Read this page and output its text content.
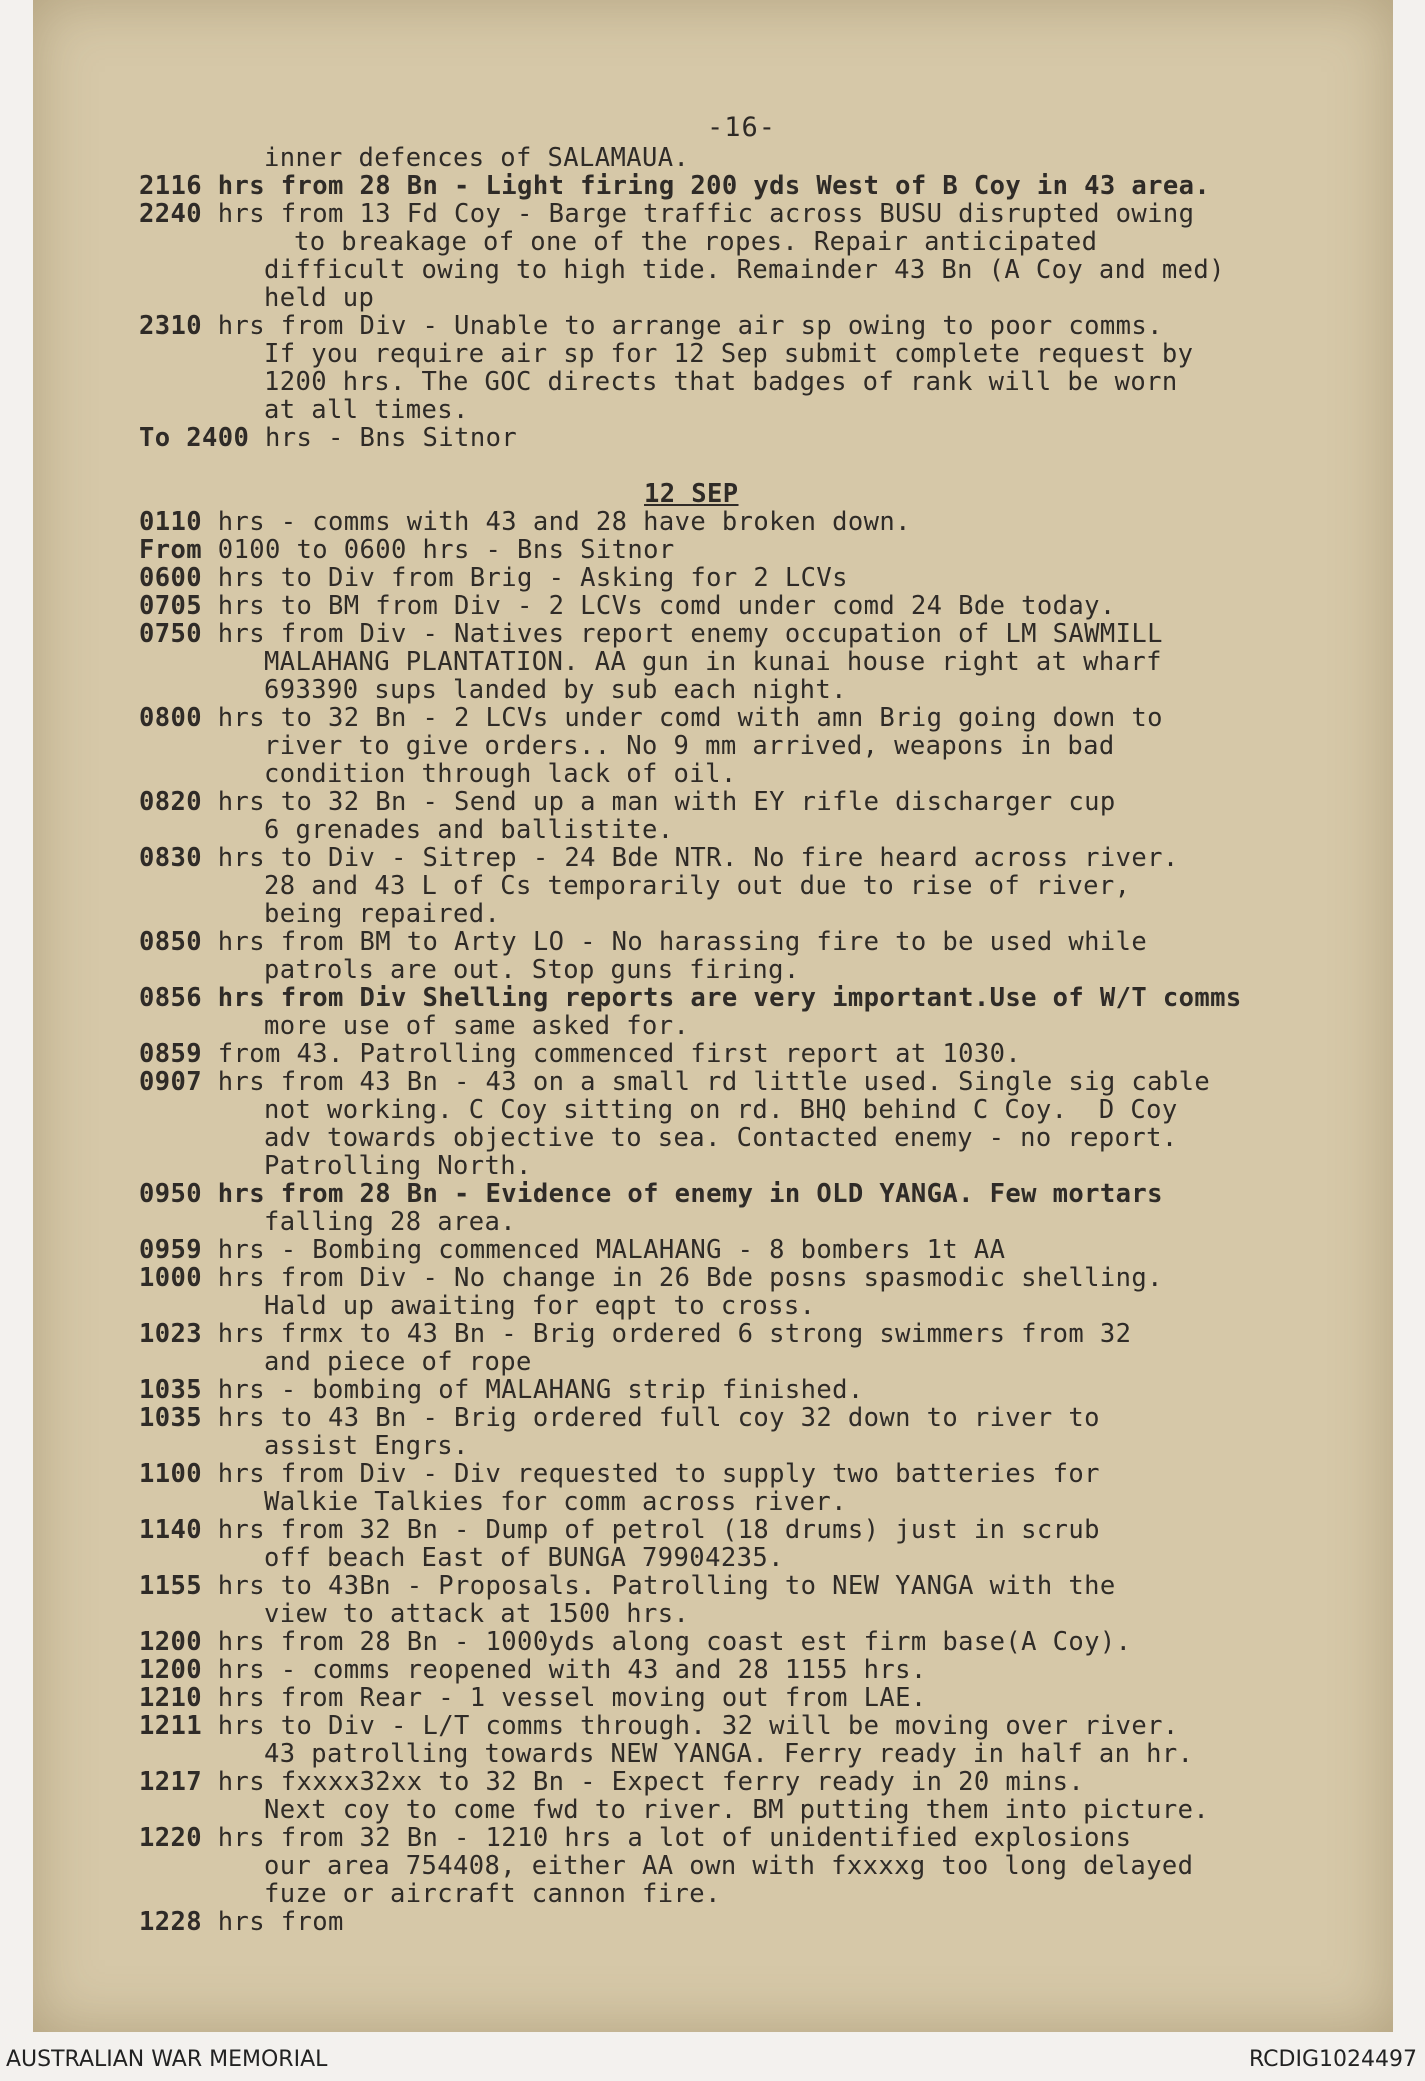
-16-
inner defences of SALAMAUA.
2116 hrs from 28 Bn - Light firing 200 yds West of B Coy in 43 area.
2240 hrs from 13 Fd Coy - Barge traffic across BUSU disrupted owing
to breakage of one of the ropes. Repair anticipated
difficult owing to high tide. Remainder 43 Bn (A Coy and med)
held up
2310 hrs from Div - Unable to arrange air sp owing to poor comms.
If you require air sp for 12 Sep submit complete request by
1200 hrs. The GOC directs that badges of rank will be worn
at all times.
To 2400 hrs - Bns Sitnor
12 SEP
0110 hrs - comms with 43 and 28 have broken down.
From 0100 to 0600 hrs - Bns Sitnor
0600 hrs to Div from Brig - Asking for 2 LCVs
0705 hrs to BM from Div - 2 LCVs comd under comd 24 Bde today.
0750 hrs from Div - Natives report enemy occupation of LM SAWMILL
MALAHANG PLANTATION. AA gun in kunai house right at wharf
693390 sups landed by sub each night.
0800 hrs to 32 Bn - 2 LCVs under comd with amn Brig going down to
river to give orders.. No 9 mm arrived, weapons in bad
condition through lack of oil.
0820 hrs to 32 Bn - Send up a man with EY rifle discharger cup
6 grenades and ballistite.
0830 hrs to Div - Sitrep - 24 Bde NTR. No fire heard across river.
28 and 43 L of Cs temporarily out due to rise of river,
being repaired.
0850 hrs from BM to Arty LO - No harassing fire to be used while
patrols are out. Stop guns firing.
0856 hrs from Div Shelling reports are very important.Use of W/T comms
more use of same asked for.
0859 from 43. Patrolling commenced first report at 1030.
0907 hrs from 43 Bn - 43 on a small rd little used. Single sig cable
not working. C Coy sitting on rd. BHQ behind C Coy.  D Coy
adv towards objective to sea. Contacted enemy - no report.
Patrolling North.
0950 hrs from 28 Bn - Evidence of enemy in OLD YANGA. Few mortars
falling 28 area.
0959 hrs - Bombing commenced MALAHANG - 8 bombers 1t AA
1000 hrs from Div - No change in 26 Bde posns spasmodic shelling.
Hald up awaiting for eqpt to cross.
1023 hrs frmx to 43 Bn - Brig ordered 6 strong swimmers from 32
and piece of rope
1035 hrs - bombing of MALAHANG strip finished.
1035 hrs to 43 Bn - Brig ordered full coy 32 down to river to
assist Engrs.
1100 hrs from Div - Div requested to supply two batteries for
Walkie Talkies for comm across river.
1140 hrs from 32 Bn - Dump of petrol (18 drums) just in scrub
off beach East of BUNGA 79904235.
1155 hrs to 43Bn - Proposals. Patrolling to NEW YANGA with the
view to attack at 1500 hrs.
1200 hrs from 28 Bn - 1000yds along coast est firm base(A Coy).
1200 hrs - comms reopened with 43 and 28 1155 hrs.
1210 hrs from Rear - 1 vessel moving out from LAE.
1211 hrs to Div - L/T comms through. 32 will be moving over river.
43 patrolling towards NEW YANGA. Ferry ready in half an hr.
1217 hrs fxxxx32xx to 32 Bn - Expect ferry ready in 20 mins.
Next coy to come fwd to river. BM putting them into picture.
1220 hrs from 32 Bn - 1210 hrs a lot of unidentified explosions
our area 754408, either AA own with fxxxxg too long delayed
fuze or aircraft cannon fire.
1228 hrs from
AUSTRALIAN WAR MEMORIAL	RCDIG1024497
